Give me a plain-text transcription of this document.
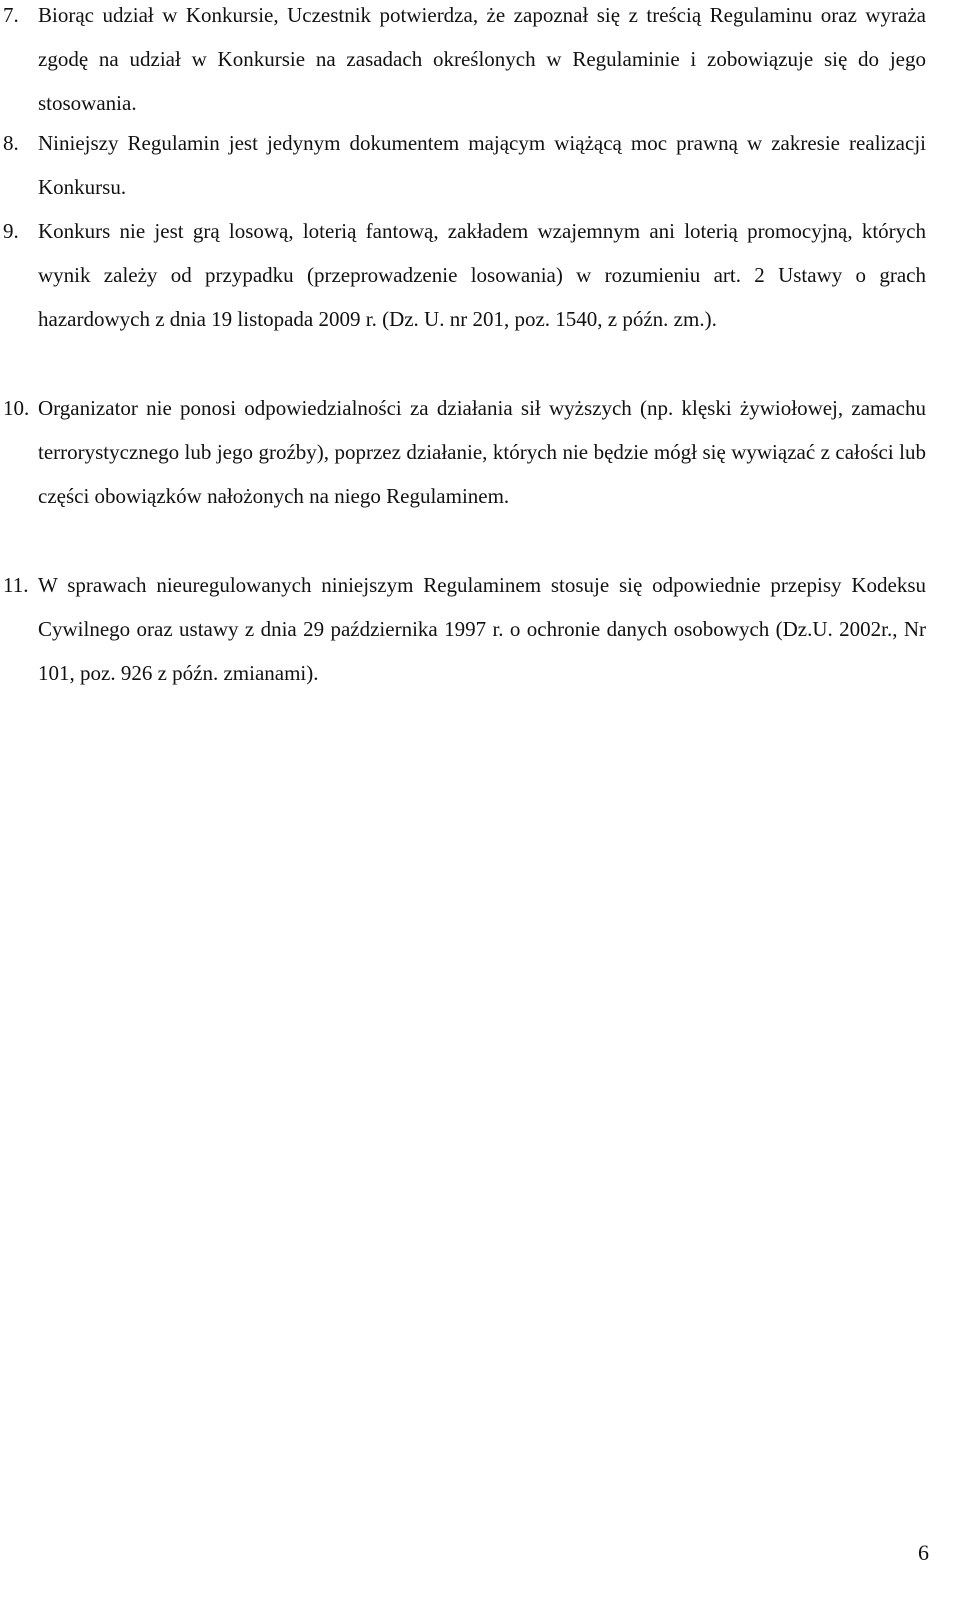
7. Biorąc udział w Konkursie, Uczestnik potwierdza, że zapoznał się z treścią Regulaminu oraz wyraża zgodę na udział w Konkursie na zasadach określonych w Regulaminie i zobowiązuje się do jego stosowania.
8. Niniejszy Regulamin jest jedynym dokumentem mającym wiążącą moc prawną w zakresie realizacji Konkursu.
9. Konkurs nie jest grą losową, loterią fantową, zakładem wzajemnym ani loterią promocyjną, których wynik zależy od przypadku (przeprowadzenie losowania) w rozumieniu art. 2 Ustawy o grach hazardowych z dnia 19 listopada 2009 r. (Dz. U. nr 201, poz. 1540, z późn. zm.).
10. Organizator nie ponosi odpowiedzialności za działania sił wyższych (np. klęski żywiołowej, zamachu terrorystycznego lub jego groźby), poprzez działanie, których nie będzie mógł się wywiązać z całości lub części obowiązków nałożonych na niego Regulaminem.
11. W sprawach nieuregulowanych niniejszym Regulaminem stosuje się odpowiednie przepisy Kodeksu Cywilnego oraz ustawy z dnia 29 października 1997 r. o ochronie danych osobowych (Dz.U. 2002r., Nr 101, poz. 926 z późn. zmianami).
6
